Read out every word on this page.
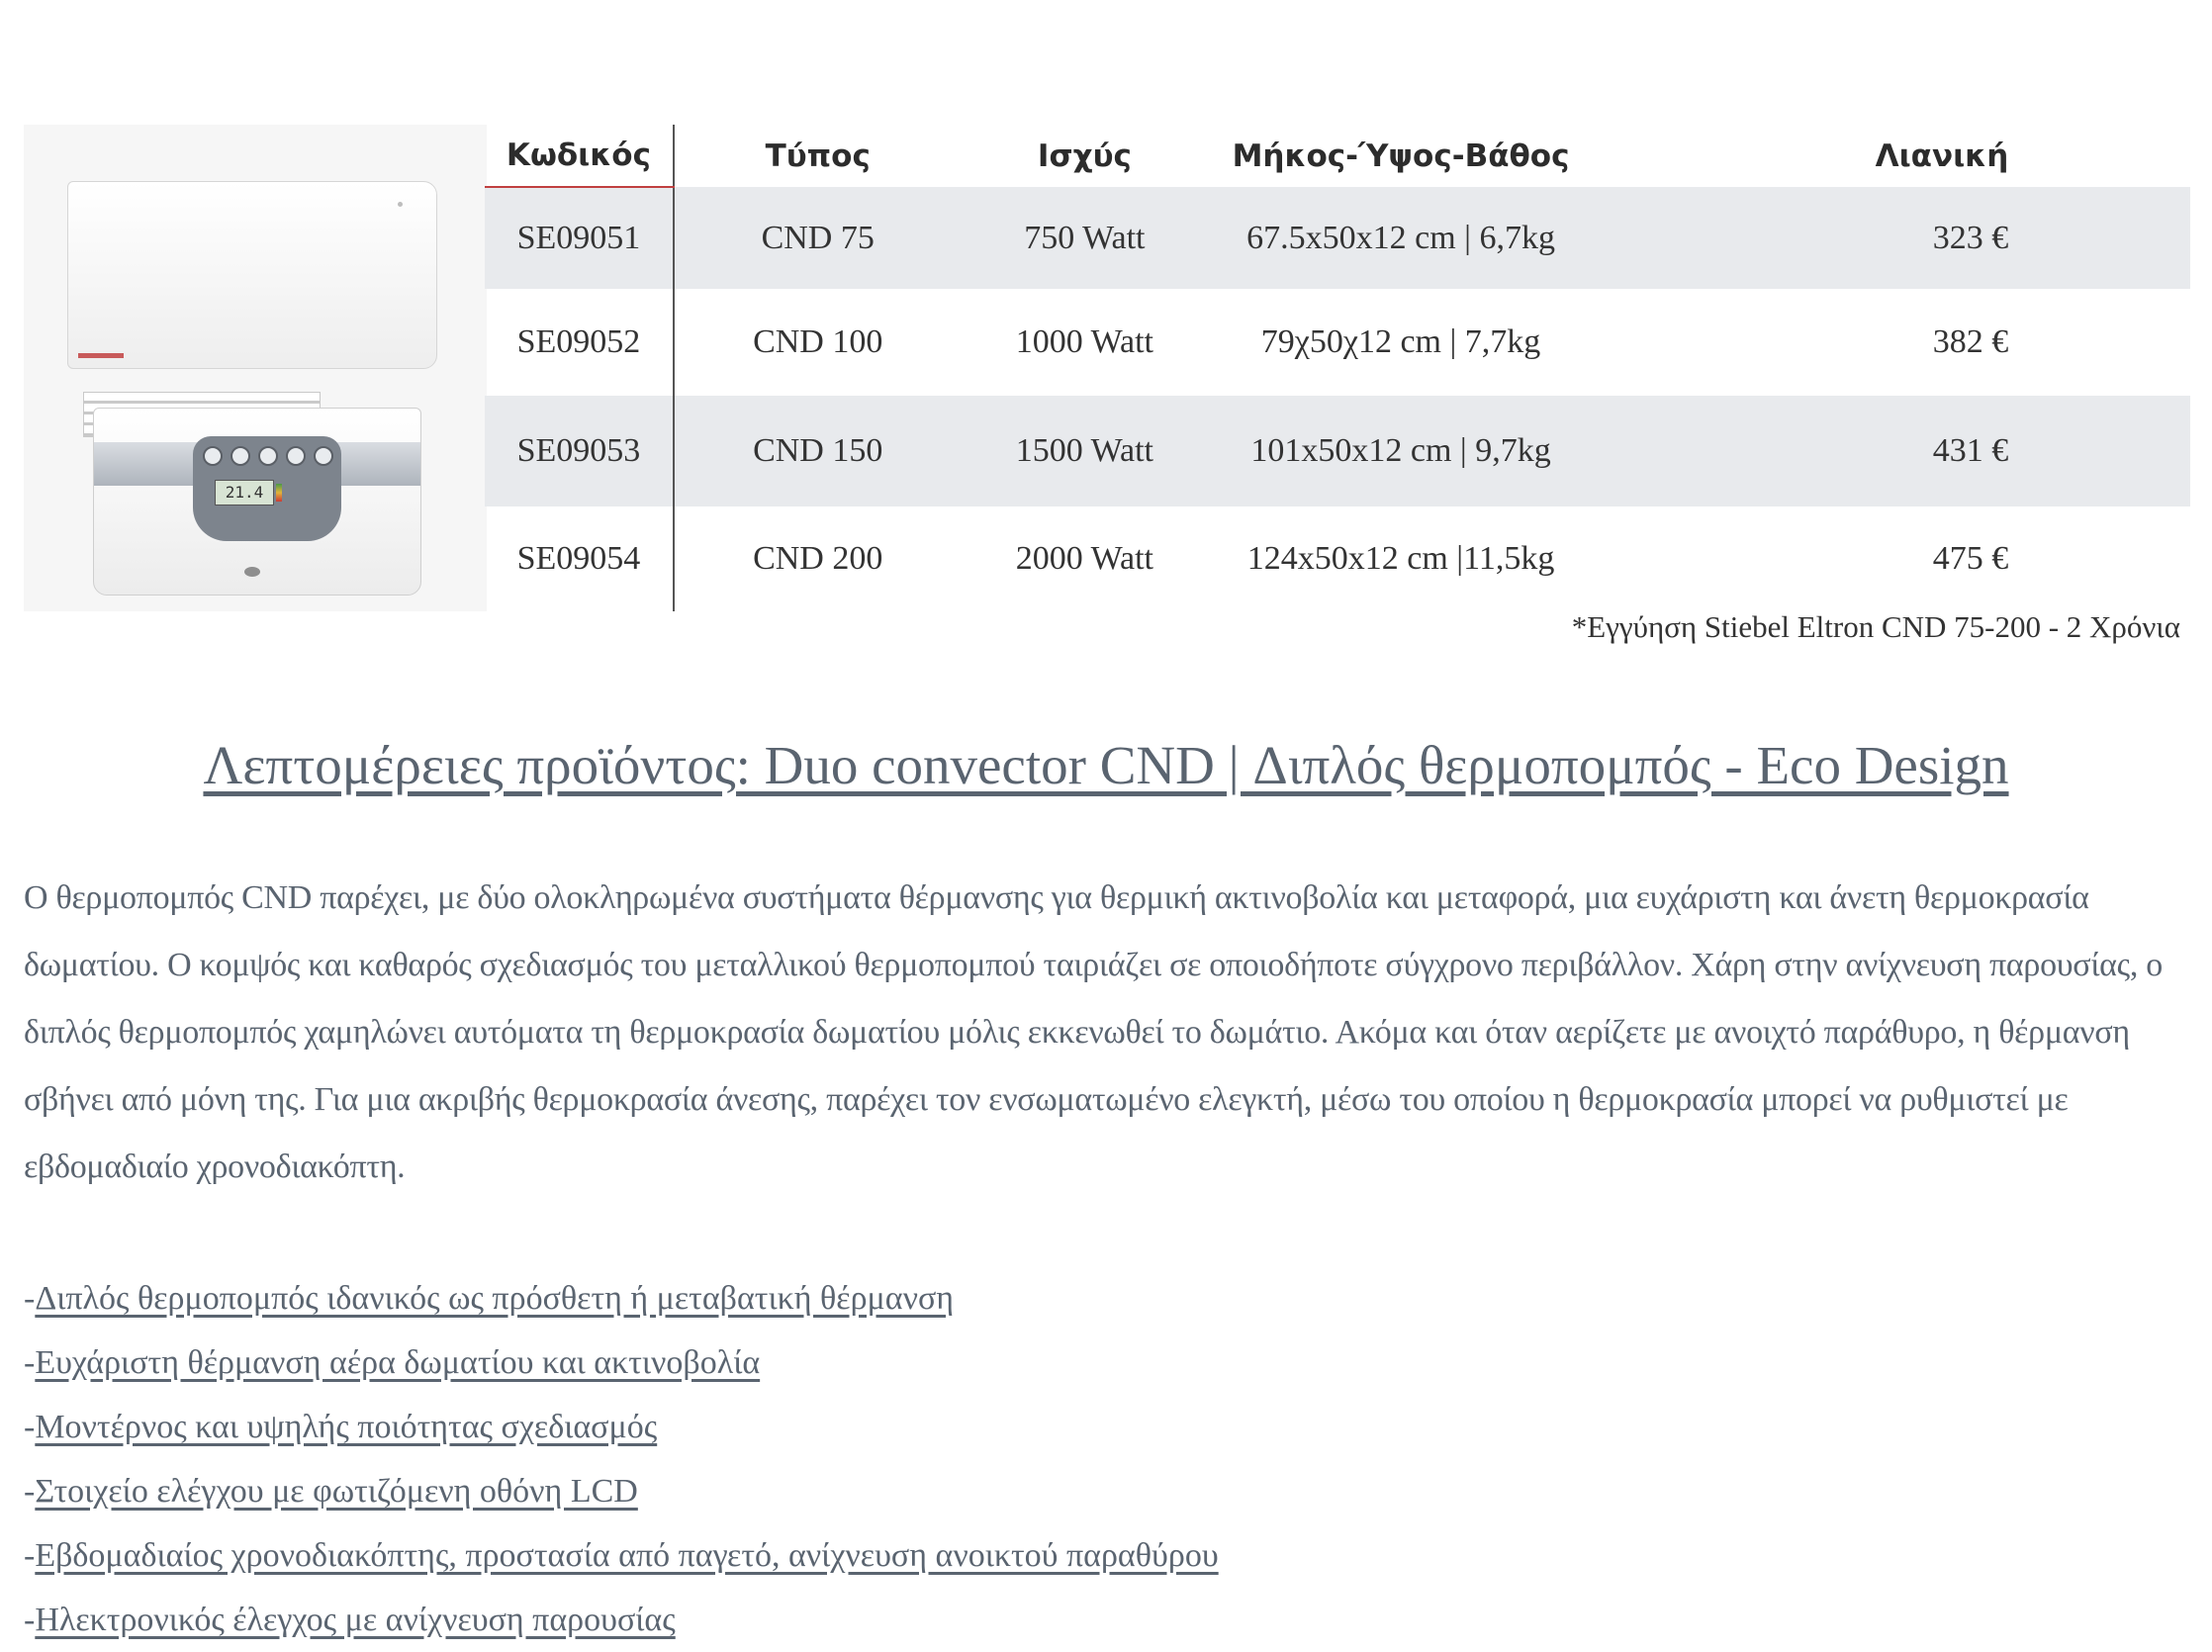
21.4
Κωδικός	Τύπος	Ισχύς	Μήκος-Ύψος-Βάθος	Λιανική	
SE09051	CND 75	750 Watt	67.5x50x12 cm | 6,7kg	323 €	
SE09052	CND 100	1000 Watt	79χ50χ12 cm | 7,7kg	382 €	
SE09053	CND 150	1500 Watt	101x50x12 cm | 9,7kg	431 €	
SE09054	CND 200	2000 Watt	124x50x12 cm |11,5kg	475 €	
*Εγγύηση Stiebel Eltron CND 75-200 - 2 Χρόνια
Λεπτομέρειες προϊόντος: Duo convector CND | Διπλός θερμοπομπός - Eco Design

Ο θερμοπομπός CND παρέχει, με δύο ολοκληρωμένα συστήματα θέρμανσης για θερμική ακτινοβολία και μεταφορά, μια ευχάριστη και άνετη θερμοκρασία δωματίου. Ο κομψός και καθαρός σχεδιασμός του μεταλλικού θερμοπομπού ταιριάζει σε οποιοδήποτε σύγχρονο περιβάλλον. Χάρη στην ανίχνευση παρουσίας, ο διπλός θερμοπομπός χαμηλώνει αυτόματα τη θερμοκρασία δωματίου μόλις εκκενωθεί το δωμάτιο. Ακόμα και όταν αερίζετε με ανοιχτό παράθυρο, η θέρμανση σβήνει από μόνη της. Για μια ακριβής θερμοκρασία άνεσης, παρέχει τον ενσωματωμένο ελεγκτή, μέσω του οποίου η θερμοκρασία μπορεί να ρυθμιστεί με εβδομαδιαίο χρονοδιακόπτη.

-Διπλός θερμοπομπός ιδανικός ως πρόσθετη ή μεταβατική θέρμανση
-Ευχάριστη θέρμανση αέρα δωματίου και ακτινοβολία
-Μοντέρνος και υψηλής ποιότητας σχεδιασμός
-Στοιχείο ελέγχου με φωτιζόμενη οθόνη LCD
-Εβδομαδιαίος χρονοδιακόπτης, προστασία από παγετό, ανίχνευση ανοικτού παραθύρου
-Ηλεκτρονικός έλεγχος με ανίχνευση παρουσίας
